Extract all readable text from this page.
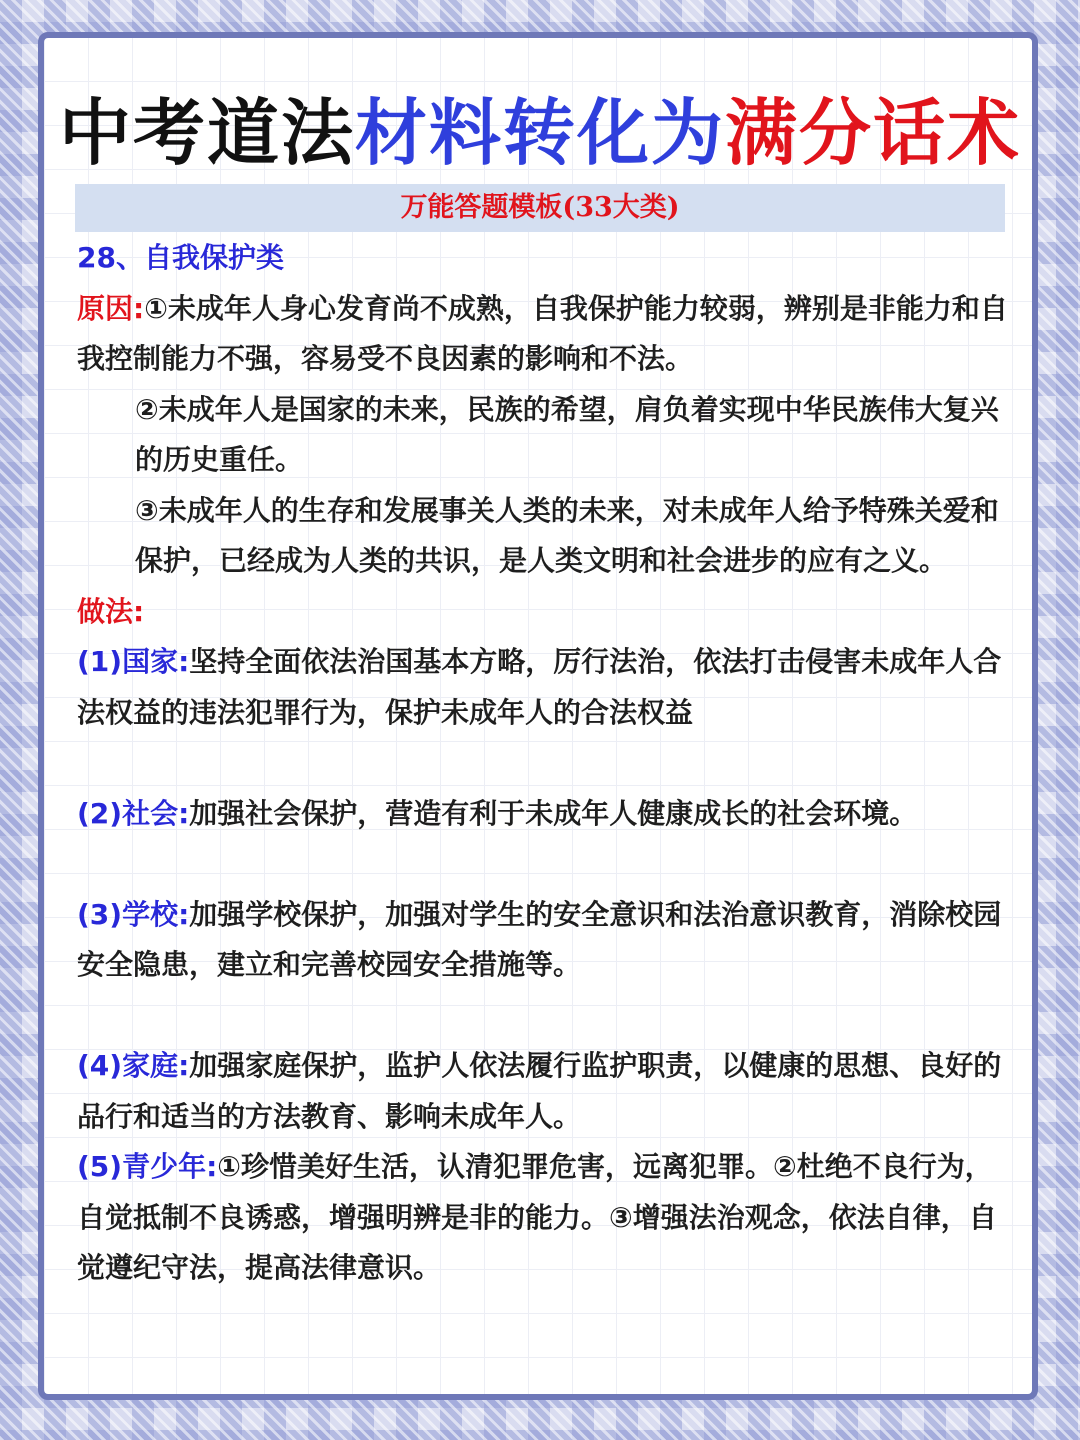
中考道法材料转化为满分话术
万能答题模板(33大类)

28、自我保护类

原因:①未成年人身心发育尚不成熟，自我保护能力较弱，辨别是非能力和自我控制能力不强，容易受不良因素的影响和不法。

②未成年人是国家的未来，民族的希望，肩负着实现中华民族伟大复兴的历史重任。

③未成年人的生存和发展事关人类的未来，对未成年人给予特殊关爱和保护，已经成为人类的共识，是人类文明和社会进步的应有之义。

做法:

(1)国家:坚持全面依法治国基本方略，厉行法治，依法打击侵害未成年人合法权益的违法犯罪行为，保护未成年人的合法权益

(2)社会:加强社会保护，营造有利于未成年人健康成长的社会环境。

(3)学校:加强学校保护，加强对学生的安全意识和法治意识教育，消除校园安全隐患，建立和完善校园安全措施等。

(4)家庭:加强家庭保护，监护人依法履行监护职责，以健康的思想、良好的品行和适当的方法教育、影响未成年人。

(5)青少年:①珍惜美好生活，认清犯罪危害，远离犯罪。②杜绝不良行为，自觉抵制不良诱惑，增强明辨是非的能力。③增强法治观念，依法自律，自觉遵纪守法，提高法律意识。
